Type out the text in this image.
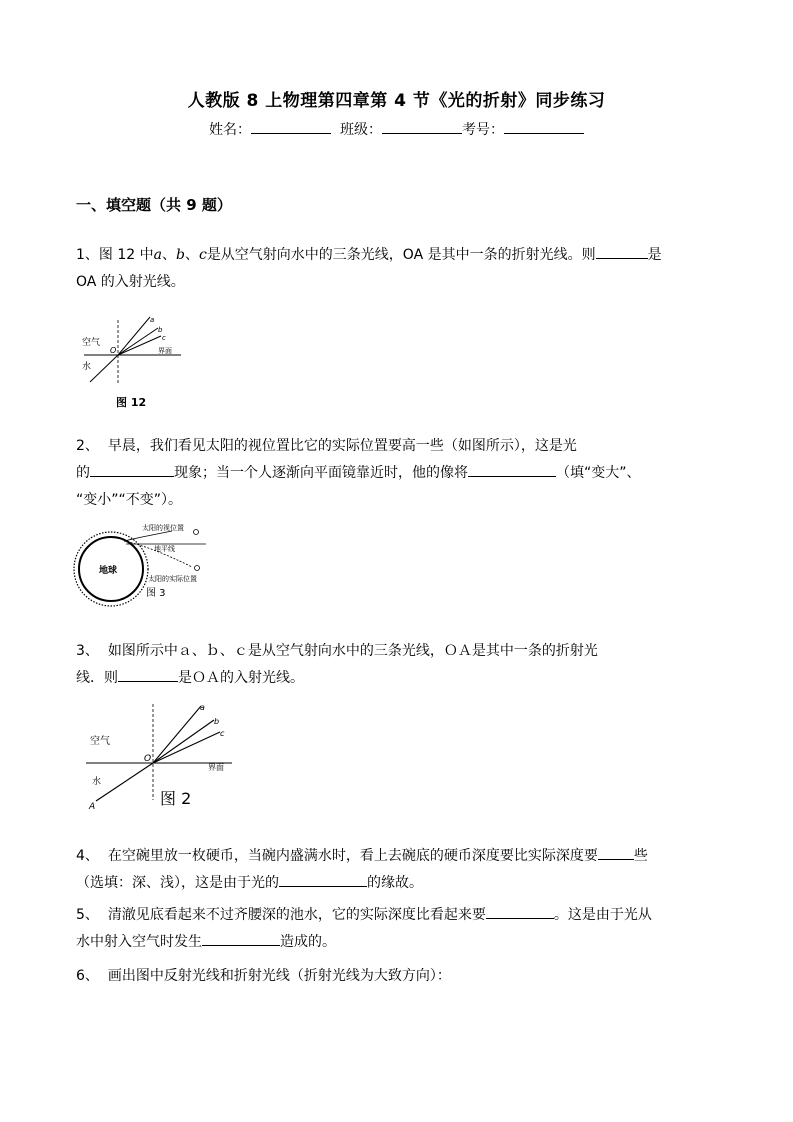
人教版 8 上物理第四章第 4 节《光的折射》同步练习
姓名：	班级：	考号：
一、填空题（共 9 题）
1、图 12 中a、b、c是从空气射向水中的三条光线，OA 是其中一条的折射光线。则	是
OA 的入射光线。
空气
水
界面
O
a
b
c
图 12
2、 早晨，我们看见太阳的视位置比它的实际位置要高一些（如图所示），这是光
的	现象；当一个人逐渐向平面镜靠近时，他的像将	（填“变大”、
“变小”“不变”）。
地球
太阳的视位置
地平线
太阳的实际位置
图 3
3、 如图所示中ａ、ｂ、ｃ是从空气射向水中的三条光线，ＯＡ是其中一条的折射光
线．则	是ＯＡ的入射光线。
空气
水
界面
O
a
b
c
A	图 2
4、 在空碗里放一枚硬币，当碗内盛满水时，看上去碗底的硬币深度要比实际深度要	些
（选填：深、浅），这是由于光的	的缘故。
5、 清澈见底看起来不过齐腰深的池水，它的实际深度比看起来要	。这是由于光从
水中射入空气时发生	造成的。
6、 画出图中反射光线和折射光线（折射光线为大致方向）：
